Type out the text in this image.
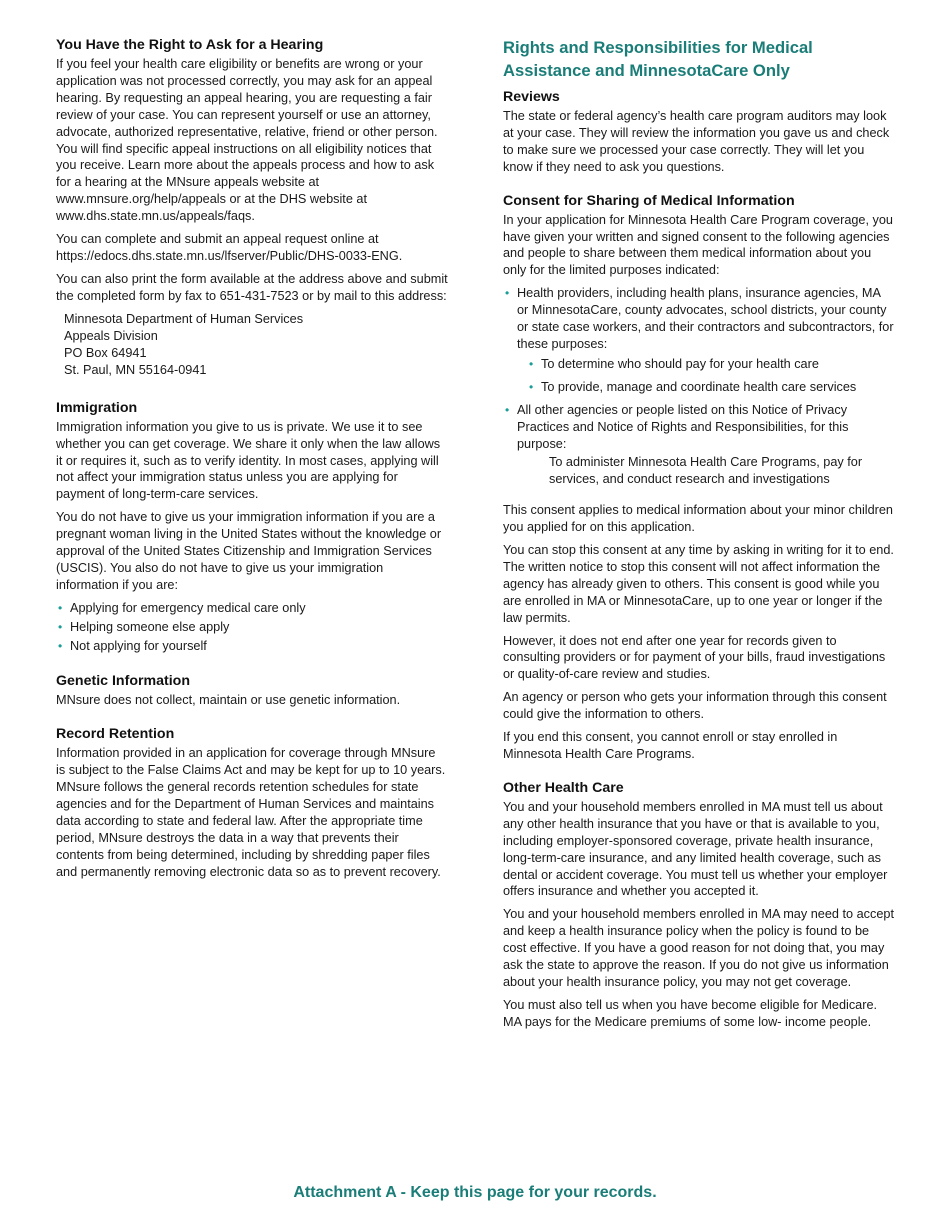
You Have the Right to Ask for a Hearing

If you feel your health care eligibility or benefits are wrong or your application was not processed correctly, you may ask for an appeal hearing. By requesting an appeal hearing, you are requesting a fair review of your case. You can represent yourself or use an attorney, advocate, authorized representative, relative, friend or other person. You will find specific appeal instructions on all eligibility notices that you receive. Learn more about the appeals process and how to ask for a hearing at the MNsure appeals website at www.mnsure.org/help/appeals or at the DHS website at www.dhs.state.mn.us/appeals/faqs.

You can complete and submit an appeal request online at https://edocs.dhs.state.mn.us/lfserver/Public/DHS-0033-ENG.

You can also print the form available at the address above and submit the completed form by fax to 651-431-7523 or by mail to this address:

Minnesota Department of Human Services
Appeals Division
PO Box 64941
St. Paul, MN 55164-0941
Immigration

Immigration information you give to us is private. We use it to see whether you can get coverage. We share it only when the law allows it or requires it, such as to verify identity. In most cases, applying will not affect your immigration status unless you are applying for payment of long-term-care services.

You do not have to give us your immigration information if you are a pregnant woman living in the United States without the knowledge or approval of the United States Citizenship and Immigration Services (USCIS). You also do not have to give us your immigration information if you are:

• Applying for emergency medical care only
• Helping someone else apply
• Not applying for yourself
Genetic Information

MNsure does not collect, maintain or use genetic information.

Record Retention

Information provided in an application for coverage through MNsure is subject to the False Claims Act and may be kept for up to 10 years. MNsure follows the general records retention schedules for state agencies and for the Department of Human Services and maintains data according to state and federal law. After the appropriate time period, MNsure destroys the data in a way that prevents their contents from being determined, including by shredding paper files and permanently removing electronic data so as to prevent recovery.

Rights and Responsibilities for Medical Assistance and MinnesotaCare Only
Reviews

The state or federal agency’s health care program auditors may look at your case. They will review the information you gave us and check to make sure we processed your case correctly. They will let you know if they need to ask you questions.

Consent for Sharing of Medical Information

In your application for Minnesota Health Care Program coverage, you have given your written and signed consent to the following agencies and people to share between them medical information about you only for the limited purposes indicated:

• Health providers, including health plans, insurance agencies, MA or MinnesotaCare, county advocates, school districts, your county or state case workers, and their contractors and subcontractors, for these purposes:
• To determine who should pay for your health care
• To provide, manage and coordinate health care services
• All other agencies or people listed on this Notice of Privacy Practices and Notice of Rights and Responsibilities, for this purpose:
To administer Minnesota Health Care Programs, pay for services, and conduct research and investigations

This consent applies to medical information about your minor children you applied for on this application.

You can stop this consent at any time by asking in writing for it to end. The written notice to stop this consent will not affect information the agency has already given to others. This consent is good while you are enrolled in MA or MinnesotaCare, up to one year or longer if the law permits.

However, it does not end after one year for records given to consulting providers or for payment of your bills, fraud investigations or quality-of-care review and studies.

An agency or person who gets your information through this consent could give the information to others.

If you end this consent, you cannot enroll or stay enrolled in Minnesota Health Care Programs.

Other Health Care

You and your household members enrolled in MA must tell us about any other health insurance that you have or that is available to you, including employer-sponsored coverage, private health insurance, long-term-care insurance, and any limited health coverage, such as dental or accident coverage. You must tell us whether your employer offers insurance and whether you accepted it.

You and your household members enrolled in MA may need to accept and keep a health insurance policy when the policy is found to be cost effective. If you have a good reason for not doing that, you may ask the state to approve the reason. If you do not give us information about your health insurance policy, you may not get coverage.

You must also tell us when you have become eligible for Medicare. MA pays for the Medicare premiums of some low- income people.

Attachment A - Keep this page for your records.
